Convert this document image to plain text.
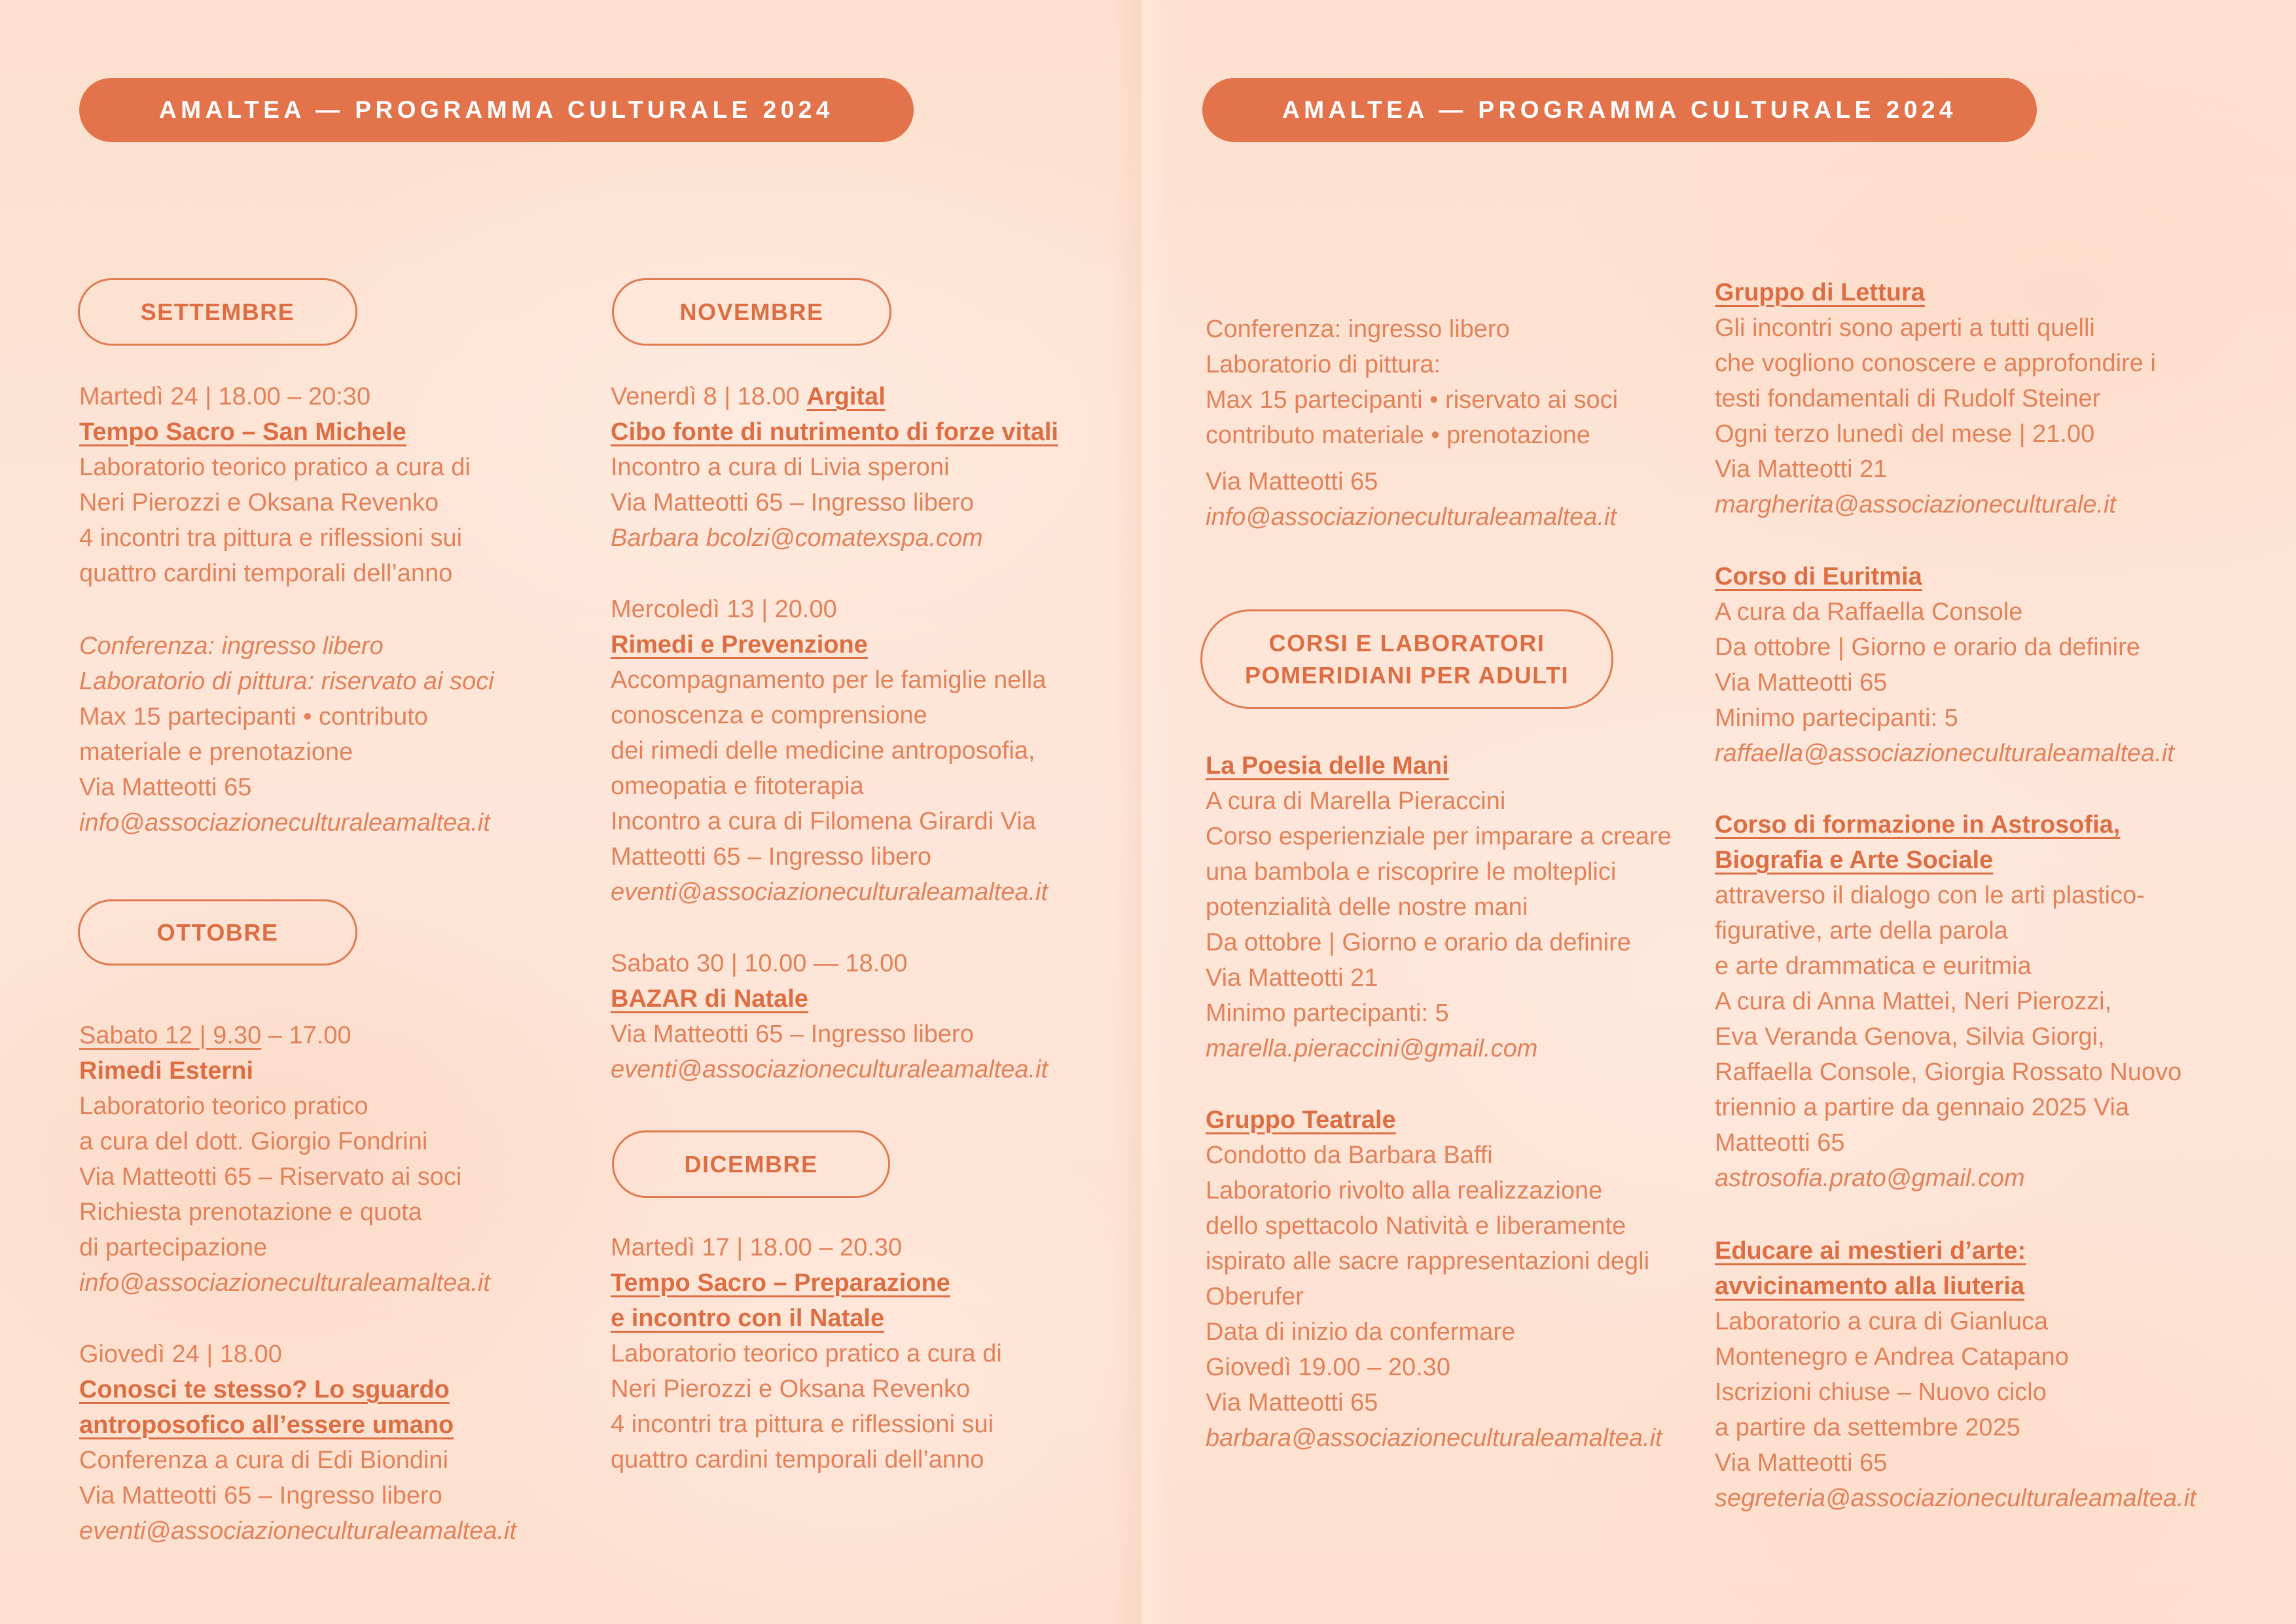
AMALTEA — PROGRAMMA CULTURALE 2024	AMALTEA — PROGRAMMA CULTURALE 2024
SETTEMBRE
Martedì 24 | 18.00 – 20:30
Tempo Sacro – San Michele
Laboratorio teorico pratico a cura di
Neri Pierozzi e Oksana Revenko
4 incontri tra pittura e riflessioni sui
quattro cardini temporali dell’anno
Conferenza: ingresso libero
Laboratorio di pittura: riservato ai soci
Max 15 partecipanti • contributo
materiale e prenotazione
Via Matteotti 65
info@associazioneculturaleamaltea.it
OTTOBRE
Sabato 12 | 9.30 – 17.00
Rimedi Esterni
Laboratorio teorico pratico
a cura del dott. Giorgio Fondrini
Via Matteotti 65 – Riservato ai soci
Richiesta prenotazione e quota
di partecipazione
info@associazioneculturaleamaltea.it
Giovedì 24 | 18.00
Conosci te stesso? Lo sguardo
antroposofico all’essere umano
Conferenza a cura di Edi Biondini
Via Matteotti 65 – Ingresso libero
eventi@associazioneculturaleamaltea.it
NOVEMBRE
Venerdì 8 | 18.00 Argital
Cibo fonte di nutrimento di forze vitali
Incontro a cura di Livia speroni
Via Matteotti 65 – Ingresso libero
Barbara bcolzi@comatexspa.com
Mercoledì 13 | 20.00
Rimedi e Prevenzione
Accompagnamento per le famiglie nella
conoscenza e comprensione
dei rimedi delle medicine antroposofia,
omeopatia e fitoterapia
Incontro a cura di Filomena Girardi Via
Matteotti 65 – Ingresso libero
eventi@associazioneculturaleamaltea.it
Sabato 30 | 10.00 — 18.00
BAZAR di Natale
Via Matteotti 65 – Ingresso libero
eventi@associazioneculturaleamaltea.it
DICEMBRE
Martedì 17 | 18.00 – 20.30
Tempo Sacro – Preparazione
e incontro con il Natale
Laboratorio teorico pratico a cura di
Neri Pierozzi e Oksana Revenko
4 incontri tra pittura e riflessioni sui
quattro cardini temporali dell’anno
Conferenza: ingresso libero
Laboratorio di pittura:
Max 15 partecipanti • riservato ai soci
contributo materiale • prenotazione
Via Matteotti 65
info@associazioneculturaleamaltea.it
CORSI E LABORATORI
POMERIDIANI PER ADULTI
La Poesia delle Mani
A cura di Marella Pieraccini
Corso esperienziale per imparare a creare
una bambola e riscoprire le molteplici
potenzialità delle nostre mani
Da ottobre | Giorno e orario da definire
Via Matteotti 21
Minimo partecipanti: 5
marella.pieraccini@gmail.com
Gruppo Teatrale
Condotto da Barbara Baffi
Laboratorio rivolto alla realizzazione
dello spettacolo Natività e liberamente
ispirato alle sacre rappresentazioni degli
Oberufer
Data di inizio da confermare
Giovedì 19.00 – 20.30
Via Matteotti 65
barbara@associazioneculturaleamaltea.it
Gruppo di Lettura
Gli incontri sono aperti a tutti quelli
che vogliono conoscere e approfondire i
testi fondamentali di Rudolf Steiner
Ogni terzo lunedì del mese | 21.00
Via Matteotti 21
margherita@associazioneculturale.it
Corso di Euritmia
A cura da Raffaella Console
Da ottobre | Giorno e orario da definire
Via Matteotti 65
Minimo partecipanti: 5
raffaella@associazioneculturaleamaltea.it
Corso di formazione in Astrosofia,
Biografia e Arte Sociale
attraverso il dialogo con le arti plastico-
figurative, arte della parola
e arte drammatica e euritmia
A cura di Anna Mattei, Neri Pierozzi,
Eva Veranda Genova, Silvia Giorgi,
Raffaella Console, Giorgia Rossato Nuovo
triennio a partire da gennaio 2025 Via
Matteotti 65
astrosofia.prato@gmail.com
Educare ai mestieri d’arte:
avvicinamento alla liuteria
Laboratorio a cura di Gianluca
Montenegro e Andrea Catapano
Iscrizioni chiuse – Nuovo ciclo
a partire da settembre 2025
Via Matteotti 65
segreteria@associazioneculturaleamaltea.it
